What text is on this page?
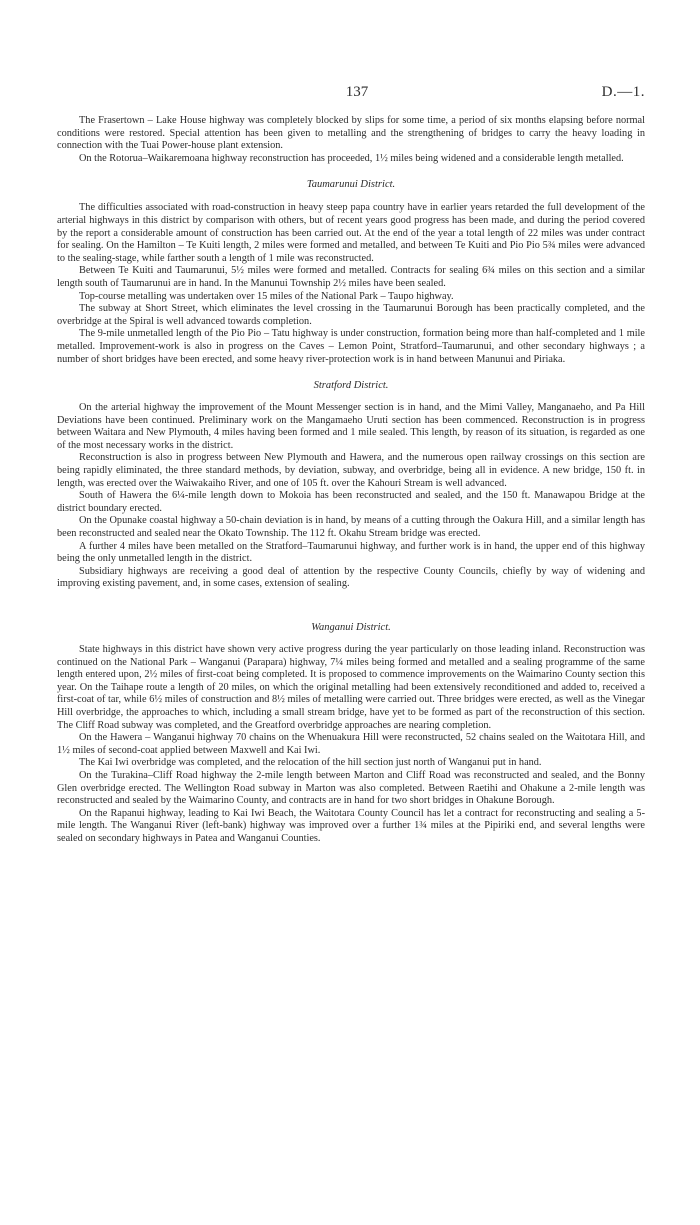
137	D.—1.

The Frasertown – Lake House highway was completely blocked by slips for some time, a period of six months elapsing before normal conditions were restored. Special attention has been given to metalling and the strengthening of bridges to carry the heavy loading in connection with the Tuai Power-house plant extension.

On the Rotorua–Waikaremoana highway reconstruction has proceeded, 1½ miles being widened and a considerable length metalled.

Taumarunui District.

The difficulties associated with road-construction in heavy steep papa country have in earlier years retarded the full development of the arterial highways in this district by comparison with others, but of recent years good progress has been made, and during the period covered by the report a considerable amount of construction has been carried out. At the end of the year a total length of 22 miles was under contract for sealing. On the Hamilton – Te Kuiti length, 2 miles were formed and metalled, and between Te Kuiti and Pio Pio 5¾ miles were advanced to the sealing-stage, while farther south a length of 1 mile was reconstructed.

Between Te Kuiti and Taumarunui, 5½ miles were formed and metalled. Contracts for sealing 6¾ miles on this section and a similar length south of Taumarunui are in hand. In the Manunui Township 2½ miles have been sealed.

Top-course metalling was undertaken over 15 miles of the National Park – Taupo highway.

The subway at Short Street, which eliminates the level crossing in the Taumarunui Borough has been practically completed, and the overbridge at the Spiral is well advanced towards completion.

The 9-mile unmetalled length of the Pio Pio – Tatu highway is under construction, formation being more than half-completed and 1 mile metalled. Improvement-work is also in progress on the Caves – Lemon Point, Stratford–Taumarunui, and other secondary highways ; a number of short bridges have been erected, and some heavy river-protection work is in hand between Manunui and Piriaka.

Stratford District.

On the arterial highway the improvement of the Mount Messenger section is in hand, and the Mimi Valley, Manganaeho, and Pa Hill Deviations have been continued. Preliminary work on the Mangamaeho Uruti section has been commenced. Reconstruction is in progress between Waitara and New Plymouth, 4 miles having been formed and 1 mile sealed. This length, by reason of its situation, is regarded as one of the most necessary works in the district.

Reconstruction is also in progress between New Plymouth and Hawera, and the numerous open railway crossings on this section are being rapidly eliminated, the three standard methods, by deviation, subway, and overbridge, being all in evidence. A new bridge, 150 ft. in length, was erected over the Waiwakaiho River, and one of 105 ft. over the Kahouri Stream is well advanced.

South of Hawera the 6¼-mile length down to Mokoia has been reconstructed and sealed, and the 150 ft. Manawapou Bridge at the district boundary erected.

On the Opunake coastal highway a 50-chain deviation is in hand, by means of a cutting through the Oakura Hill, and a similar length has been reconstructed and sealed near the Okato Township. The 112 ft. Okahu Stream bridge was erected.

A further 4 miles have been metalled on the Stratford–Taumarunui highway, and further work is in hand, the upper end of this highway being the only unmetalled length in the district.

Subsidiary highways are receiving a good deal of attention by the respective County Councils, chiefly by way of widening and improving existing pavement, and, in some cases, extension of sealing.

Wanganui District.

State highways in this district have shown very active progress during the year particularly on those leading inland. Reconstruction was continued on the National Park – Wanganui (Parapara) highway, 7¼ miles being formed and metalled and a sealing programme of the same length entered upon, 2½ miles of first-coat being completed. It is proposed to commence improvements on the Waimarino County section this year. On the Taihape route a length of 20 miles, on which the original metalling had been extensively reconditioned and added to, received a first-coat of tar, while 6½ miles of construction and 8½ miles of metalling were carried out. Three bridges were erected, as well as the Vinegar Hill overbridge, the approaches to which, including a small stream bridge, have yet to be formed as part of the reconstruction of this section. The Cliff Road subway was completed, and the Greatford overbridge approaches are nearing completion.

On the Hawera – Wanganui highway 70 chains on the Whenuakura Hill were reconstructed, 52 chains sealed on the Waitotara Hill, and 1½ miles of second-coat applied between Maxwell and Kai Iwi.

The Kai Iwi overbridge was completed, and the relocation of the hill section just north of Wanganui put in hand.

On the Turakina–Cliff Road highway the 2-mile length between Marton and Cliff Road was reconstructed and sealed, and the Bonny Glen overbridge erected. The Wellington Road subway in Marton was also completed. Between Raetihi and Ohakune a 2-mile length was reconstructed and sealed by the Waimarino County, and contracts are in hand for two short bridges in Ohakune Borough.

On the Rapanui highway, leading to Kai Iwi Beach, the Waitotara County Council has let a contract for reconstructing and sealing a 5-mile length. The Wanganui River (left-bank) highway was improved over a further 1¾ miles at the Pipiriki end, and several lengths were sealed on secondary highways in Patea and Wanganui Counties.
